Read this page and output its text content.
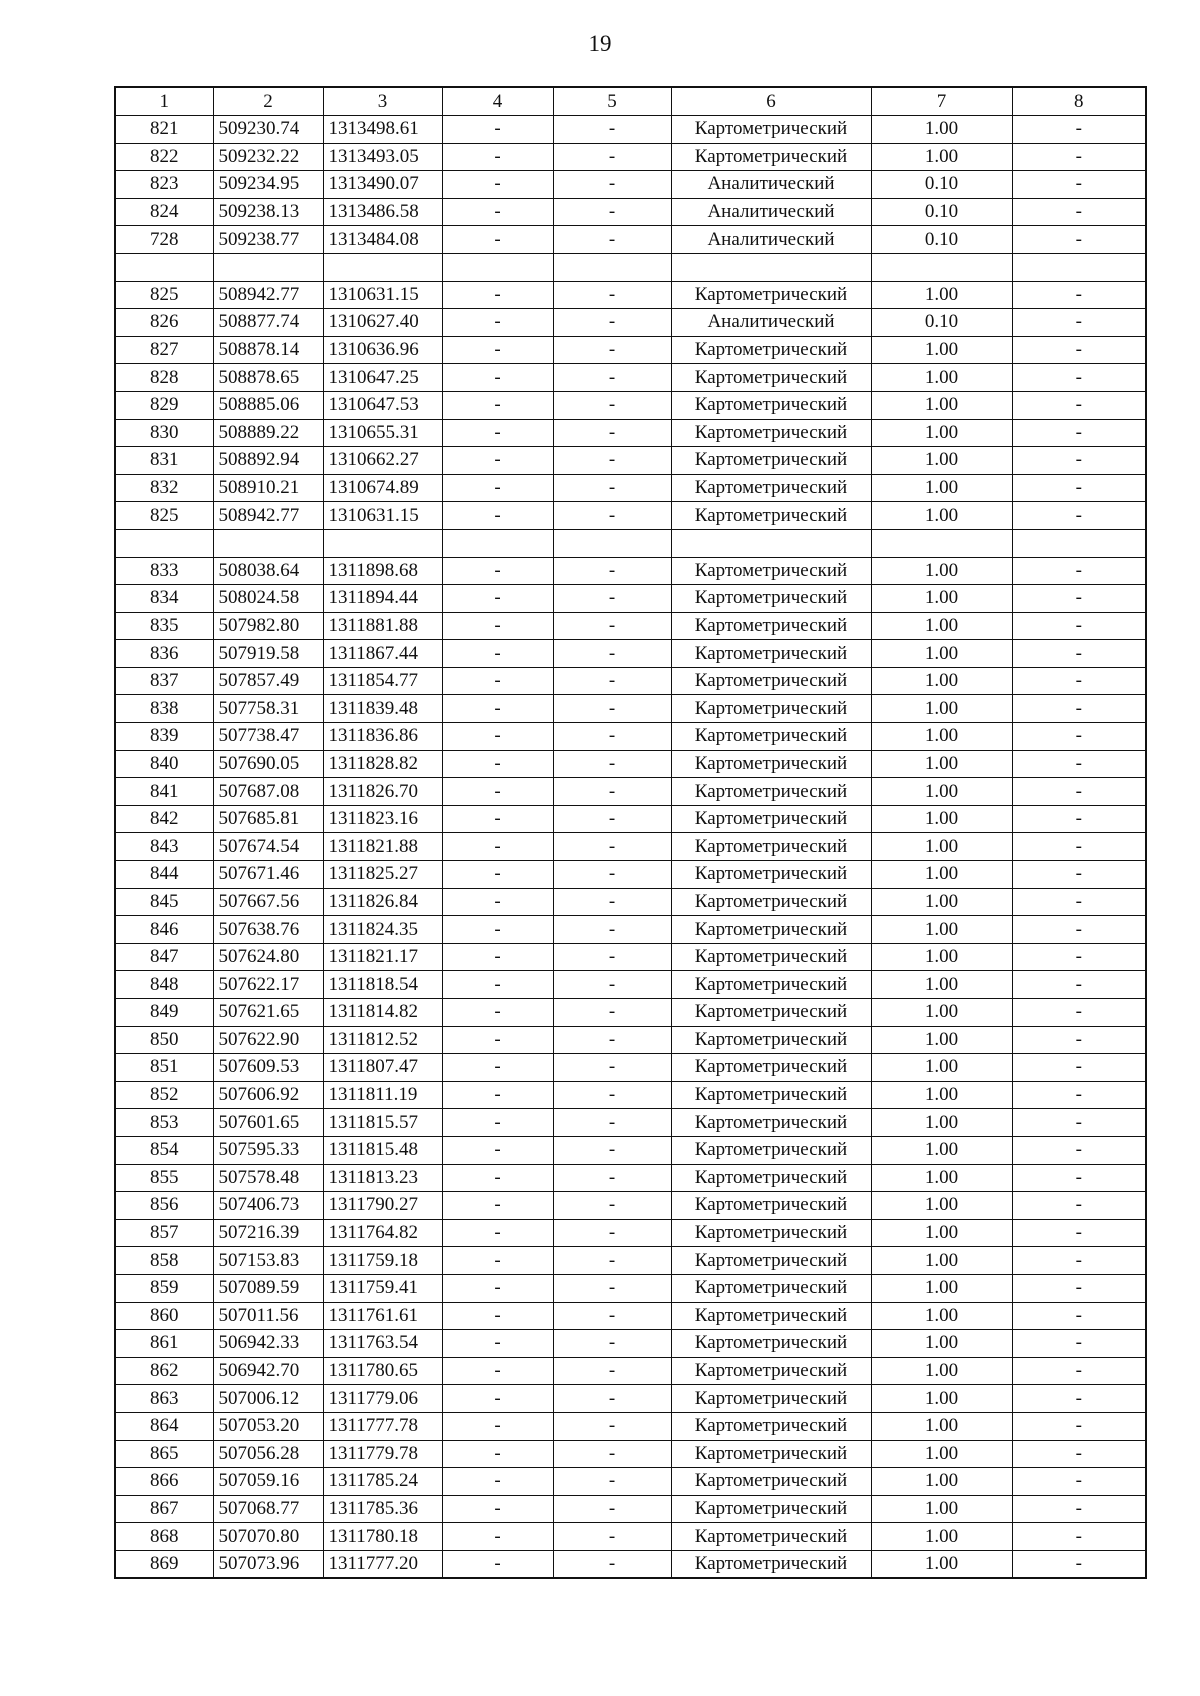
19
1	2	3	4	5	6	7	8
821	509230.74	1313498.61	-	-	Картометрический	1.00	-
822	509232.22	1313493.05	-	-	Картометрический	1.00	-
823	509234.95	1313490.07	-	-	Аналитический	0.10	-
824	509238.13	1313486.58	-	-	Аналитический	0.10	-
728	509238.77	1313484.08	-	-	Аналитический	0.10	-

825	508942.77	1310631.15	-	-	Картометрический	1.00	-
826	508877.74	1310627.40	-	-	Аналитический	0.10	-
827	508878.14	1310636.96	-	-	Картометрический	1.00	-
828	508878.65	1310647.25	-	-	Картометрический	1.00	-
829	508885.06	1310647.53	-	-	Картометрический	1.00	-
830	508889.22	1310655.31	-	-	Картометрический	1.00	-
831	508892.94	1310662.27	-	-	Картометрический	1.00	-
832	508910.21	1310674.89	-	-	Картометрический	1.00	-
825	508942.77	1310631.15	-	-	Картометрический	1.00	-

833	508038.64	1311898.68	-	-	Картометрический	1.00	-
834	508024.58	1311894.44	-	-	Картометрический	1.00	-
835	507982.80	1311881.88	-	-	Картометрический	1.00	-
836	507919.58	1311867.44	-	-	Картометрический	1.00	-
837	507857.49	1311854.77	-	-	Картометрический	1.00	-
838	507758.31	1311839.48	-	-	Картометрический	1.00	-
839	507738.47	1311836.86	-	-	Картометрический	1.00	-
840	507690.05	1311828.82	-	-	Картометрический	1.00	-
841	507687.08	1311826.70	-	-	Картометрический	1.00	-
842	507685.81	1311823.16	-	-	Картометрический	1.00	-
843	507674.54	1311821.88	-	-	Картометрический	1.00	-
844	507671.46	1311825.27	-	-	Картометрический	1.00	-
845	507667.56	1311826.84	-	-	Картометрический	1.00	-
846	507638.76	1311824.35	-	-	Картометрический	1.00	-
847	507624.80	1311821.17	-	-	Картометрический	1.00	-
848	507622.17	1311818.54	-	-	Картометрический	1.00	-
849	507621.65	1311814.82	-	-	Картометрический	1.00	-
850	507622.90	1311812.52	-	-	Картометрический	1.00	-
851	507609.53	1311807.47	-	-	Картометрический	1.00	-
852	507606.92	1311811.19	-	-	Картометрический	1.00	-
853	507601.65	1311815.57	-	-	Картометрический	1.00	-
854	507595.33	1311815.48	-	-	Картометрический	1.00	-
855	507578.48	1311813.23	-	-	Картометрический	1.00	-
856	507406.73	1311790.27	-	-	Картометрический	1.00	-
857	507216.39	1311764.82	-	-	Картометрический	1.00	-
858	507153.83	1311759.18	-	-	Картометрический	1.00	-
859	507089.59	1311759.41	-	-	Картометрический	1.00	-
860	507011.56	1311761.61	-	-	Картометрический	1.00	-
861	506942.33	1311763.54	-	-	Картометрический	1.00	-
862	506942.70	1311780.65	-	-	Картометрический	1.00	-
863	507006.12	1311779.06	-	-	Картометрический	1.00	-
864	507053.20	1311777.78	-	-	Картометрический	1.00	-
865	507056.28	1311779.78	-	-	Картометрический	1.00	-
866	507059.16	1311785.24	-	-	Картометрический	1.00	-
867	507068.77	1311785.36	-	-	Картометрический	1.00	-
868	507070.80	1311780.18	-	-	Картометрический	1.00	-
869	507073.96	1311777.20	-	-	Картометрический	1.00	-
